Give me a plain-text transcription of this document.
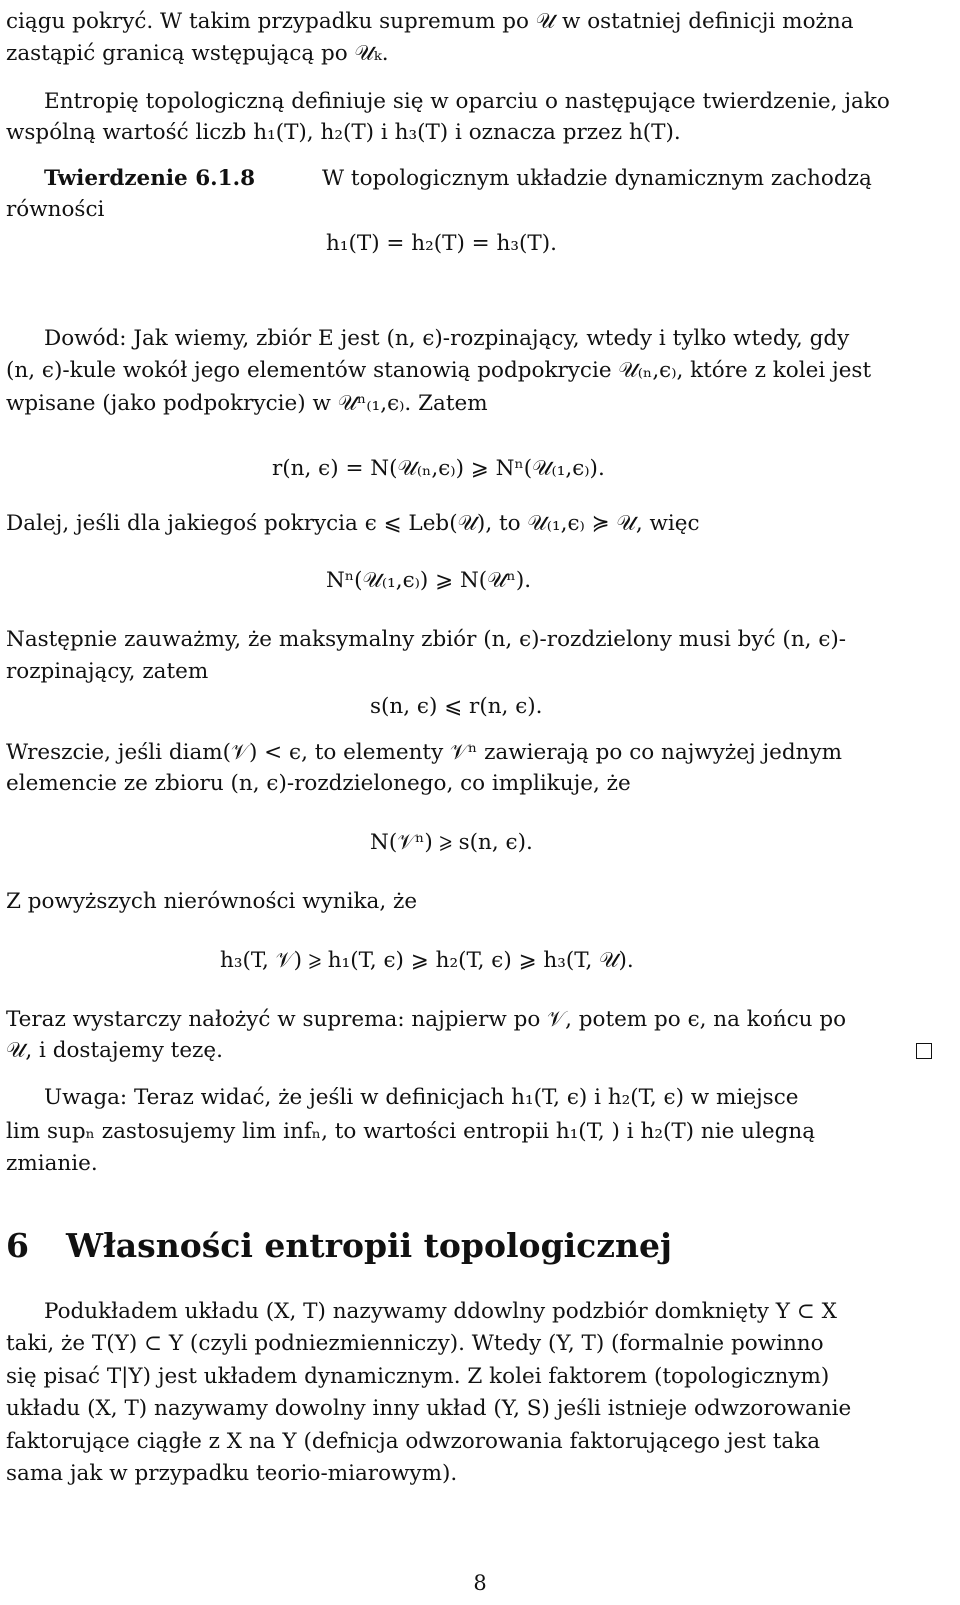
ciągu pokryć. W takim przypadku supremum po 𝒰 w ostatniej definicji można
zastąpić granicą wstępującą po 𝒰ₖ.
Entropię topologiczną definiuje się w oparciu o następujące twierdzenie, jako
wspólną wartość liczb h₁(T), h₂(T) i h₃(T) i oznacza przez h(T).
Twierdzenie 6.1.8	W topologicznym układzie dynamicznym zachodzą
równości
h₁(T) = h₂(T) = h₃(T).
Dowód: Jak wiemy, zbiór E jest (n, ϵ)-rozpinający, wtedy i tylko wtedy, gdy
(n, ϵ)-kule wokół jego elementów stanowią podpokrycie 𝒰₍ₙ,ϵ₎, które z kolei jest
wpisane (jako podpokrycie) w 𝒰ⁿ₍₁,ϵ₎. Zatem
r(n, ϵ) = N(𝒰₍ₙ,ϵ₎) ⩾ Nⁿ(𝒰₍₁,ϵ₎).
Dalej, jeśli dla jakiegoś pokrycia ϵ ⩽ Leb(𝒰), to 𝒰₍₁,ϵ₎ ≽ 𝒰, więc
Nⁿ(𝒰₍₁,ϵ₎) ⩾ N(𝒰ⁿ).
Następnie zauważmy, że maksymalny zbiór (n, ϵ)-rozdzielony musi być (n, ϵ)-
rozpinający, zatem
s(n, ϵ) ⩽ r(n, ϵ).
Wreszcie, jeśli diam(𝒱) < ϵ, to elementy 𝒱ⁿ zawierają po co najwyżej jednym
elemencie ze zbioru (n, ϵ)-rozdzielonego, co implikuje, że
N(𝒱ⁿ) ⩾ s(n, ϵ).
Z powyższych nierówności wynika, że
h₃(T, 𝒱) ⩾ h₁(T, ϵ) ⩾ h₂(T, ϵ) ⩾ h₃(T, 𝒰).
Teraz wystarczy nałożyć w suprema: najpierw po 𝒱, potem po ϵ, na końcu po
𝒰, i dostajemy tezę.
Uwaga: Teraz widać, że jeśli w definicjach h₁(T, ϵ) i h₂(T, ϵ) w miejsce
lim supₙ zastosujemy lim infₙ, to wartości entropii h₁(T, ) i h₂(T) nie ulegną
zmianie.
6 Własności entropii topologicznej
Podukładem układu (X, T) nazywamy ddowlny podzbiór domknięty Y ⊂ X
taki, że T(Y) ⊂ Y (czyli podniezmienniczy). Wtedy (Y, T) (formalnie powinno
się pisać T|Y) jest układem dynamicznym. Z kolei faktorem (topologicznym)
układu (X, T) nazywamy dowolny inny układ (Y, S) jeśli istnieje odwzorowanie
faktorujące ciągłe z X na Y (defnicja odwzorowania faktorującego jest taka
sama jak w przypadku teorio-miarowym).
8
